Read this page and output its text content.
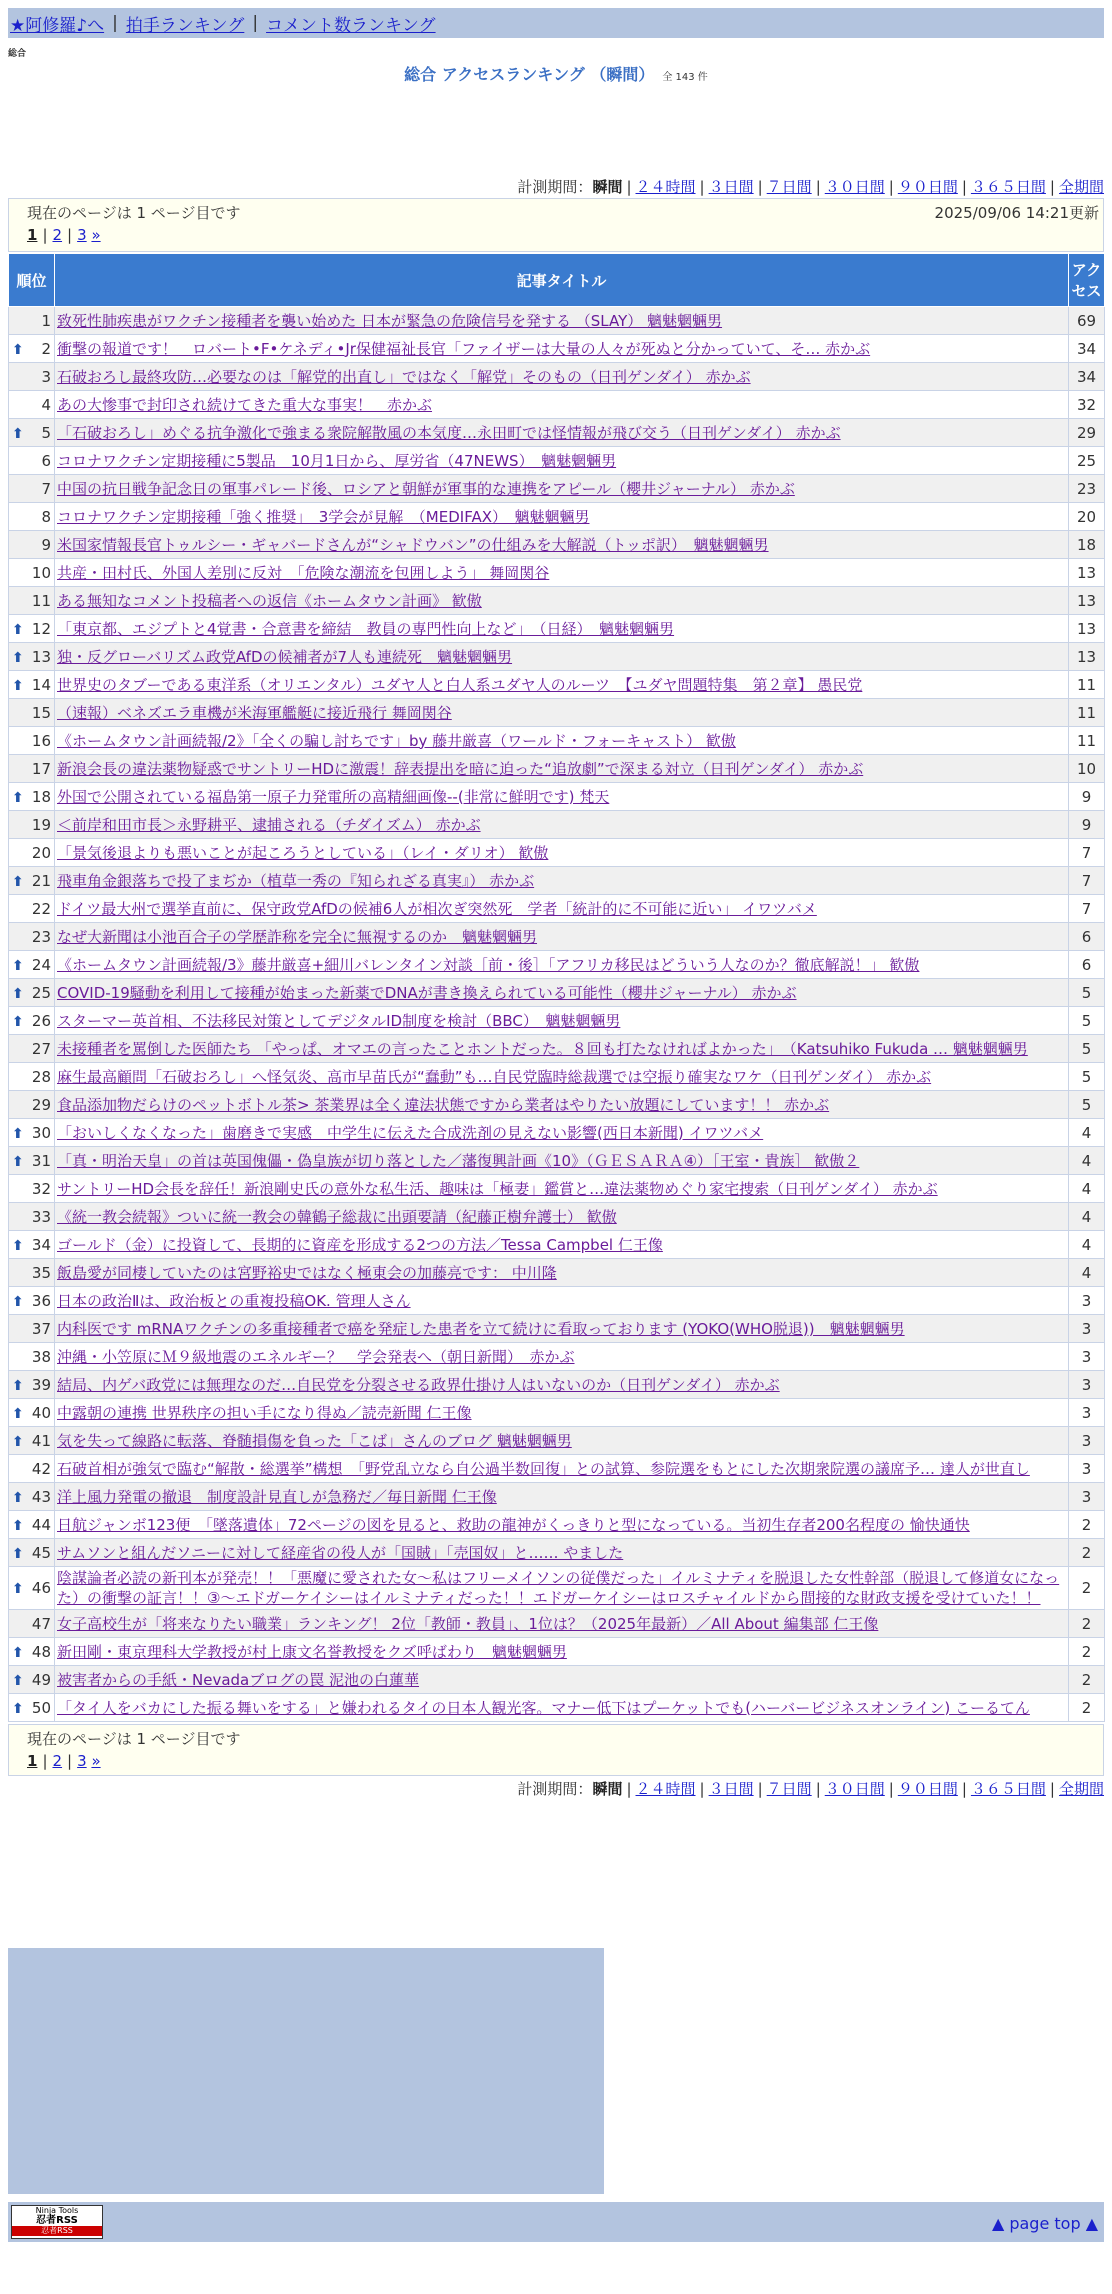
★阿修羅♪へ | 拍手ランキング | コメント数ランキング
総合
総合 アクセスランキング （瞬間） 全 143 件
計測期間：瞬間 | ２４時間 | ３日間 | ７日間 | ３０日間 | ９０日間 | ３６５日間 | 全期間
現在のページは 1 ページ目です	2025/09/06 14:21更新
1 | 2 | 3 »
順位	記事タイトル	アクセス
1	致死性肺疾患がワクチン接種者を襲い始めた 日本が緊急の危険信号を発する （SLAY） 魑魅魍魎男	69

⬆ 2	衝撃の報道です！　ロバート•F•ケネディ•Jr保健福祉長官「ファイザーは大量の人々が死ぬと分かっていて、そ… 赤かぶ	34
3	石破おろし最終攻防…必要なのは「解党的出直し」ではなく「解党」そのもの（日刊ゲンダイ） 赤かぶ	34
4	あの大惨事で封印され続けてきた重大な事実！　赤かぶ	32

⬆ 5	「石破おろし」めぐる抗争激化で強まる衆院解散風の本気度…永田町では怪情報が飛び交う（日刊ゲンダイ） 赤かぶ	29
6	コロナワクチン定期接種に5製品　10月1日から、厚労省（47NEWS）　魑魅魍魎男	25
7	中国の抗日戦争記念日の軍事パレード後、ロシアと朝鮮が軍事的な連携をアピール（櫻井ジャーナル） 赤かぶ	23
8	コロナワクチン定期接種「強く推奨」　3学会が見解　（MEDIFAX）　魑魅魍魎男	20
9	米国家情報長官トゥルシー・ギャバードさんが“シャドウバン”の仕組みを大解説（トッポ訳）　魑魅魍魎男	18
10	共産・田村氏、外国人差別に反対　「危険な潮流を包囲しよう」 舞岡関谷	13
11	ある無知なコメント投稿者への返信《ホームタウン計画》 歓傲	13

⬆ 12	「東京都、エジプトと4覚書・合意書を締結　教員の専門性向上など」　（日経）　魑魅魍魎男	13

⬆ 13	独・反グローバリズム政党AfDの候補者が7人も連続死　魑魅魍魎男	13

⬆ 14	世界史のタブーである東洋系（オリエンタル）ユダヤ人と白人系ユダヤ人のルーツ　【ユダヤ問題特集　第２章】 愚民党	11
15	（速報）ベネズエラ車機が米海軍艦艇に接近飛行 舞岡関谷	11
16	《ホームタウン計画続報/2》「全くの騙し討ちです」by 藤井厳喜（ワールド・フォーキャスト） 歓傲	11
17	新浪会長の違法薬物疑惑でサントリーHDに激震！辞表提出を暗に迫った“追放劇”で深まる対立（日刊ゲンダイ） 赤かぶ	10

⬆ 18	外国で公開されている福島第一原子力発電所の高精細画像--(非常に鮮明です) 梵天	9
19	＜前岸和田市長＞永野耕平、逮捕される（チダイズム） 赤かぶ	9
20	「景気後退よりも悪いことが起ころうとしている」（レイ・ダリオ） 歓傲	7

⬆ 21	飛車角金銀落ちで投了まぢか（植草一秀の『知られざる真実』） 赤かぶ	7
22	ドイツ最大州で選挙直前に、保守政党AfDの候補6人が相次ぎ突然死　学者「統計的に不可能に近い」 イワツバメ	7
23	なぜ大新聞は小池百合子の学歴詐称を完全に無視するのか　魑魅魍魎男	6

⬆ 24	《ホームタウン計画続報/3》藤井厳喜+細川バレンタイン対談［前・後］「アフリカ移民はどういう人なのか？徹底解説！」 歓傲	6

⬆ 25	COVID-19騒動を利用して接種が始まった新薬でDNAが書き換えられている可能性（櫻井ジャーナル） 赤かぶ	5

⬆ 26	スターマー英首相、不法移民対策としてデジタルID制度を検討（BBC）　魑魅魍魎男	5
27	未接種者を罵倒した医師たち 「やっぱ、オマエの言ったことホントだった。８回も打たなければよかった」　（Katsuhiko Fukuda … 魑魅魍魎男	5
28	麻生最高顧問「石破おろし」へ怪気炎、高市早苗氏が“蠢動”も…自民党臨時総裁選では空振り確実なワケ（日刊ゲンダイ） 赤かぶ	5
29	食品添加物だらけのペットボトル茶> 茶業界は全く違法状態ですから業者はやりたい放題にしています！！ 赤かぶ	5

⬆ 30	「おいしくなくなった」歯磨きで実感　中学生に伝えた合成洗剤の見えない影響(西日本新聞) イワツバメ	4

⬆ 31	「真・明治天皇」の首は英国傀儡・偽皇族が切り落とした／藩復興計画《10》（ＧＥＳＡＲＡ④）［王室・貴族］ 歓傲２	4
32	サントリーHD会長を辞任！新浪剛史氏の意外な私生活、趣味は「極妻」鑑賞と…違法薬物めぐり家宅捜索（日刊ゲンダイ） 赤かぶ	4
33	《統一教会続報》ついに統一教会の韓鶴子総裁に出頭要請（紀藤正樹弁護士） 歓傲	4

⬆ 34	ゴールド（金）に投資して、長期的に資産を形成する2つの方法／Tessa Campbel 仁王像	4
35	飯島愛が同棲していたのは宮野裕史ではなく極東会の加藤亮です： 中川隆	4

⬆ 36	日本の政治Ⅱは、政治板との重複投稿OK. 管理人さん	3
37	内科医です mRNAワクチンの多重接種者で癌を発症した患者を立て続けに看取っております (YOKO(WHO脱退))　魑魅魍魎男	3
38	沖縄・小笠原にＭ９級地震のエネルギー？　学会発表へ（朝日新聞）　赤かぶ	3

⬆ 39	結局、内ゲバ政党には無理なのだ…自民党を分裂させる政界仕掛け人はいないのか（日刊ゲンダイ） 赤かぶ	3

⬆ 40	中露朝の連携 世界秩序の担い手になり得ぬ／読売新聞 仁王像	3

⬆ 41	気を失って線路に転落、脊髄損傷を負った「こば」さんのブログ 魑魅魍魎男	3
42	石破首相が強気で臨む“解散・総選挙”構想　「野党乱立なら自公過半数回復」との試算、参院選をもとにした次期衆院選の議席予… 達人が世直し	3

⬆ 43	洋上風力発電の撤退　制度設計見直しが急務だ／毎日新聞 仁王像	3

⬆ 44	日航ジャンボ123便　「墜落遺体」72ページの図を見ると、救助の龍神がくっきりと型になっている。当初生存者200名程度の 愉快通快	2

⬆ 45	サムソンと組んだソニーに対して経産省の役人が「国賊」「売国奴」と…… やました	2

⬆ 46	陰謀論者必読の新刊本が発売！！「悪魔に愛された女～私はフリーメイソンの従僕だった」イルミナティを脱退した女性幹部（脱退して修道女になった）の衝撃の証言！！③～エドガーケイシーはイルミナティだった！！エドガーケイシーはロスチャイルドから間接的な財政支援を受けていた！！	2
47	女子高校生が「将来なりたい職業」ランキング！ 2位「教師・教員」、1位は？（2025年最新）／All About 編集部 仁王像	2

⬆ 48	新田剛・東京理科大学教授が村上康文名誉教授をクズ呼ばわり　魑魅魍魎男	2

⬆ 49	被害者からの手紙・Nevadaブログの罠 泥池の白蓮華	2

⬆ 50	「タイ人をバカにした振る舞いをする」と嫌われるタイの日本人観光客。マナー低下はプーケットでも(ハーバービジネスオンライン) こーるてん	2
現在のページは 1 ページ目です
1 | 2 | 3 »
計測期間：瞬間 | ２４時間 | ３日間 | ７日間 | ３０日間 | ９０日間 | ３６５日間 | 全期間
Ninja Tools
忍者RSS
忍者RSS	▲ page top ▲
